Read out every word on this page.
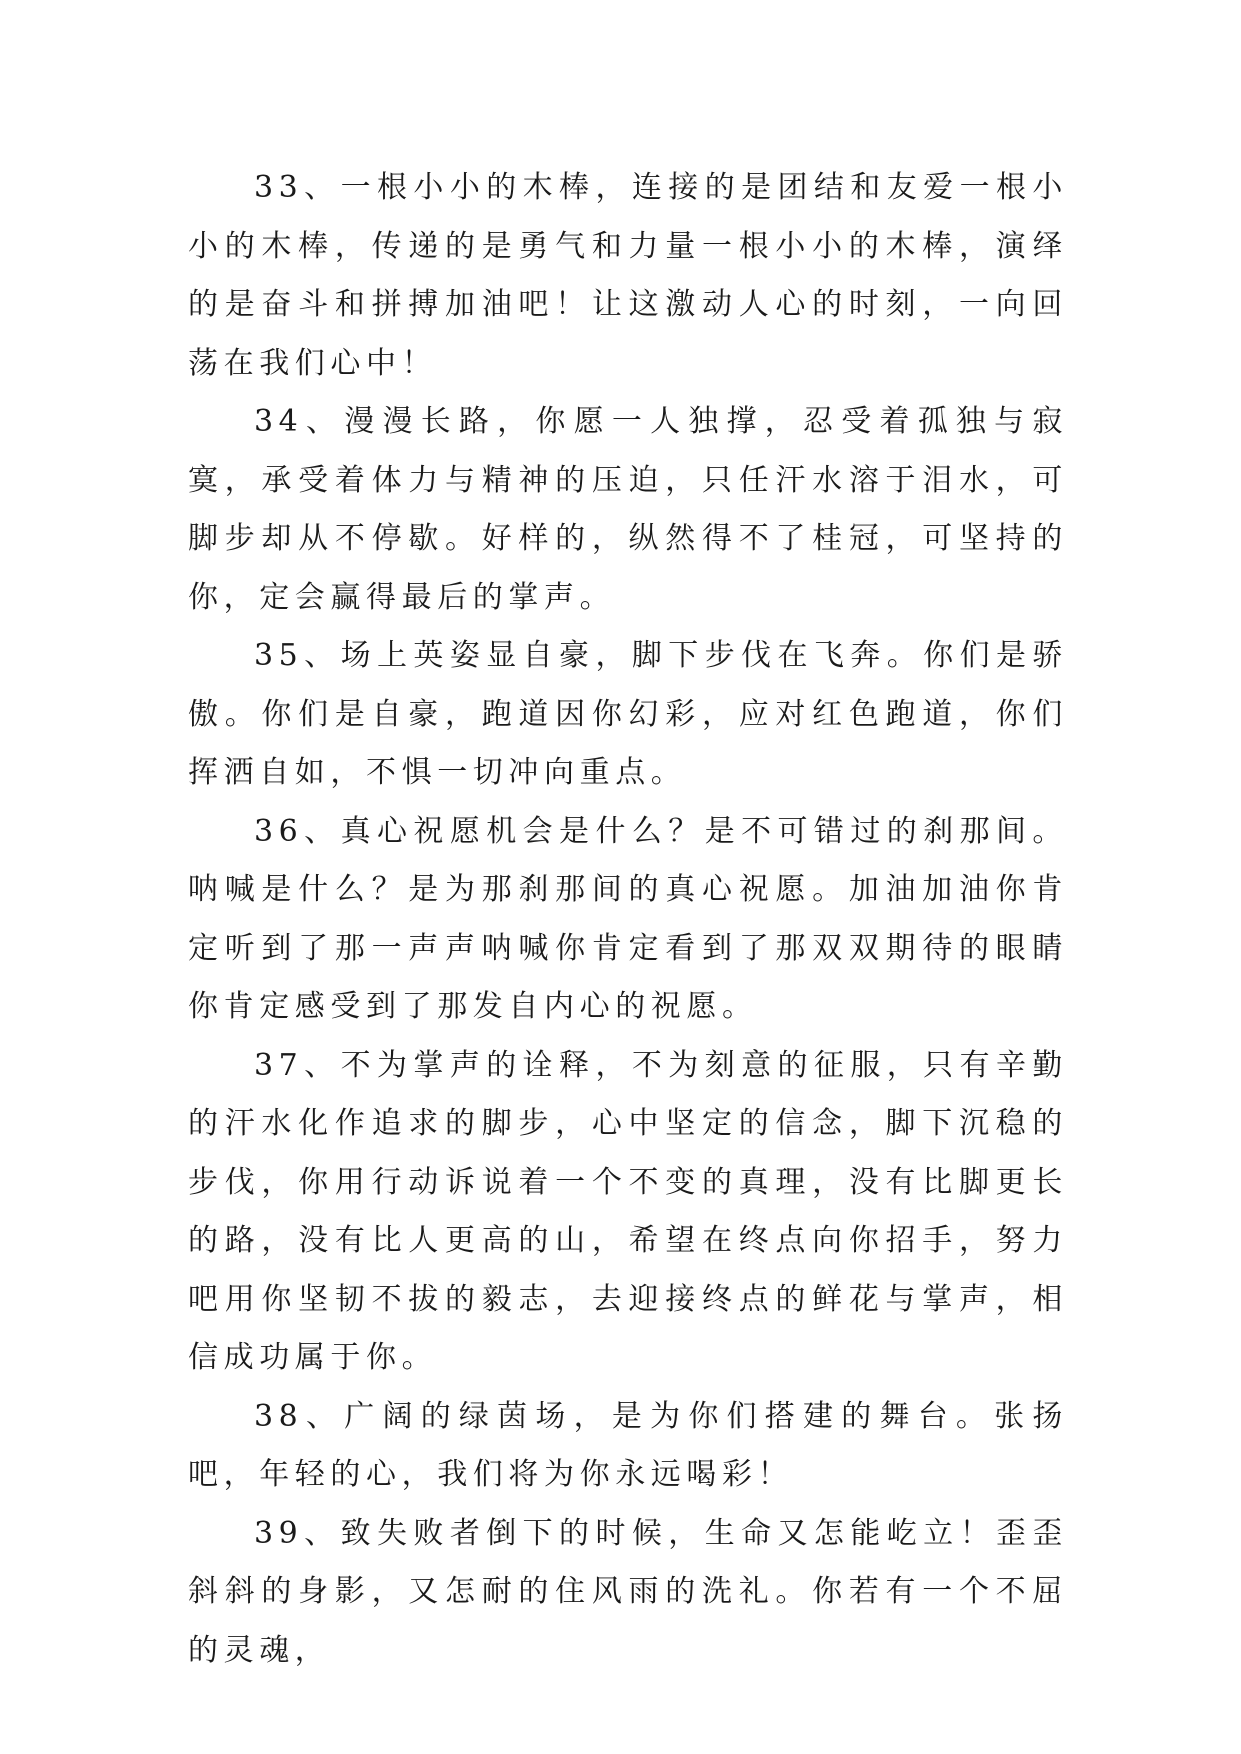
33、一根小小的木棒，连接的是团结和友爱一根小小的木棒，传递的是勇气和力量一根小小的木棒，演绎的是奋斗和拼搏加油吧！让这激动人心的时刻，一向回荡在我们心中！

34、漫漫长路，你愿一人独撑，忍受着孤独与寂寞，承受着体力与精神的压迫，只任汗水溶于泪水，可脚步却从不停歇。好样的，纵然得不了桂冠，可坚持的你，定会赢得最后的掌声。

35、场上英姿显自豪，脚下步伐在飞奔。你们是骄傲。你们是自豪，跑道因你幻彩，应对红色跑道，你们挥洒自如，不惧一切冲向重点。

36、真心祝愿机会是什么？是不可错过的刹那间。呐喊是什么？是为那刹那间的真心祝愿。加油加油你肯定听到了那一声声呐喊你肯定看到了那双双期待的眼睛你肯定感受到了那发自内心的祝愿。

37、不为掌声的诠释，不为刻意的征服，只有辛勤的汗水化作追求的脚步，心中坚定的信念，脚下沉稳的步伐，你用行动诉说着一个不变的真理，没有比脚更长的路，没有比人更高的山，希望在终点向你招手，努力吧用你坚韧不拔的毅志，去迎接终点的鲜花与掌声，相信成功属于你。

38、广阔的绿茵场，是为你们搭建的舞台。张扬吧，年轻的心，我们将为你永远喝彩！

39、致失败者倒下的时候，生命又怎能屹立！歪歪斜斜的身影，又怎耐的住风雨的洗礼。你若有一个不屈的灵魂，
